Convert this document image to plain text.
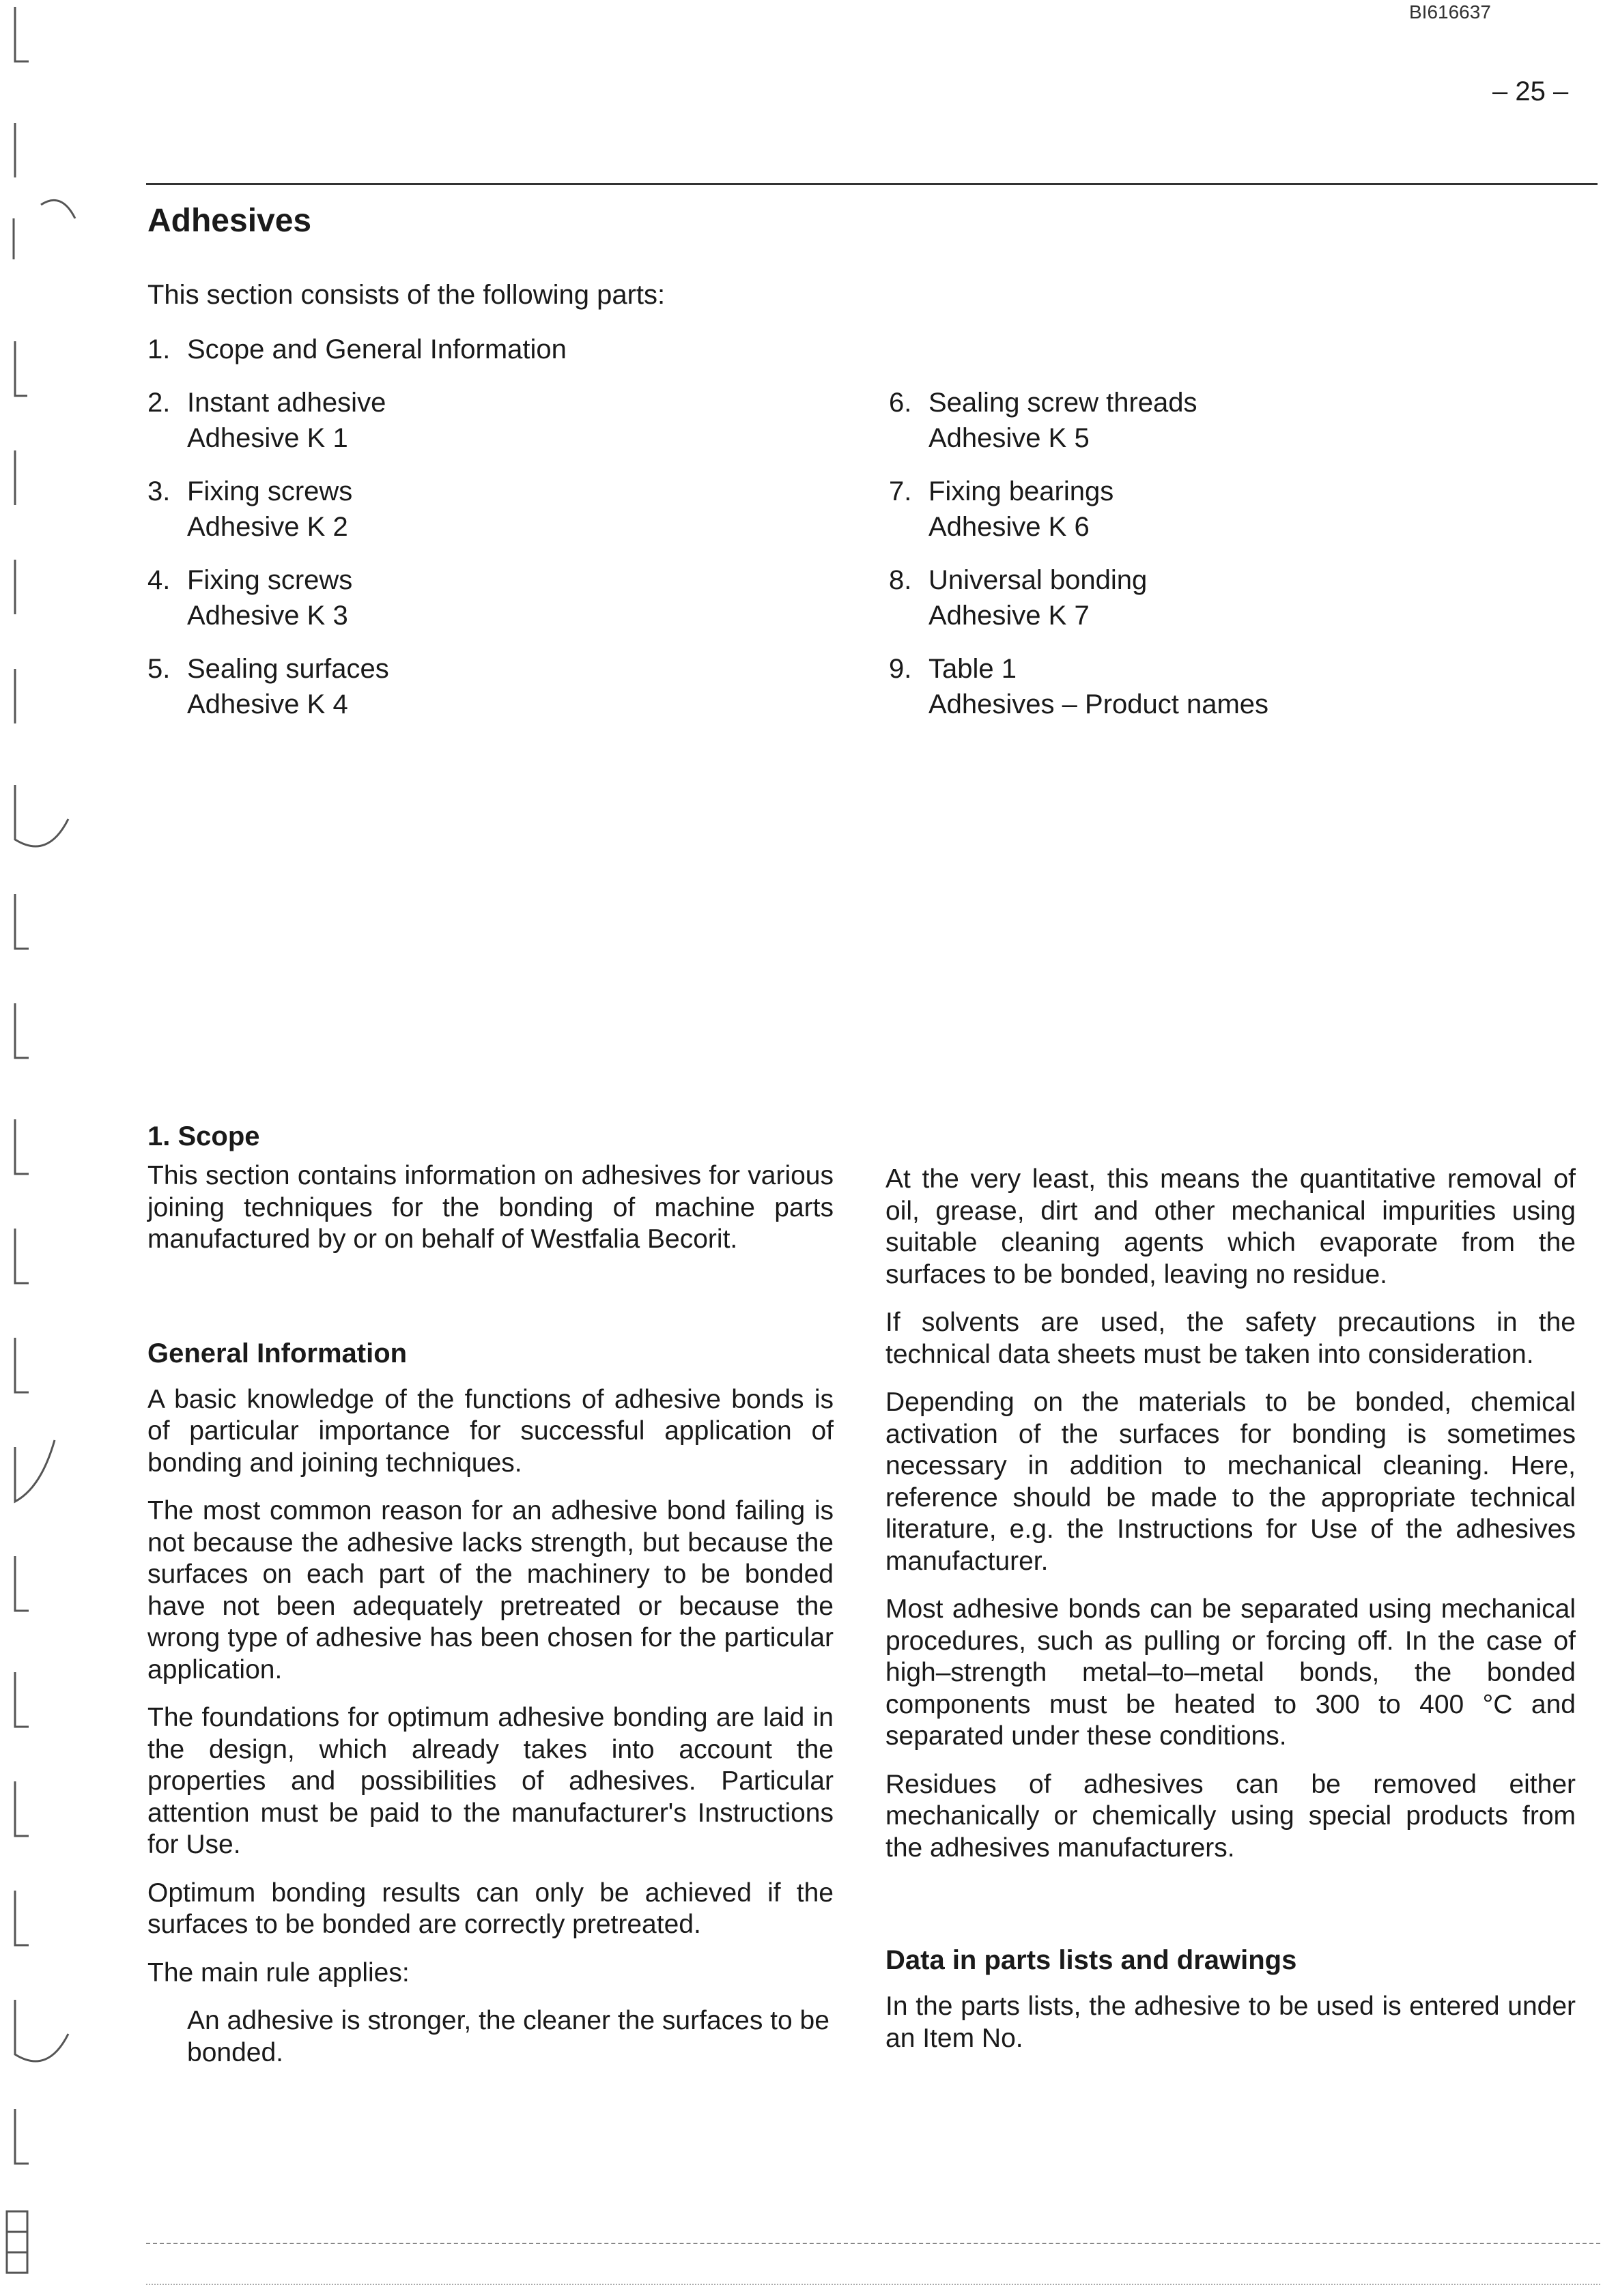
BI616637
– 25 –
Adhesives

This section consists of the following parts:

1. Scope and General Information
2. Instant adhesive
Adhesive K 1
3. Fixing screws
Adhesive K 2
4. Fixing screws
Adhesive K 3
5. Sealing surfaces
Adhesive K 4
6. Sealing screw threads
Adhesive K 5
7. Fixing bearings
Adhesive K 6
8. Universal bonding
Adhesive K 7
9. Table 1
Adhesives – Product names
1. Scope

This section contains information on adhesives for various joining techniques for the bonding of machine parts manufactured by or on behalf of Westfalia Becorit.

General Information

A basic knowledge of the functions of adhesive bonds is of particular importance for successful application of bonding and joining techniques.

The most common reason for an adhesive bond failing is not because the adhesive lacks strength, but because the surfaces on each part of the machinery to be bonded have not been adequately pretreated or because the wrong type of adhesive has been chosen for the particular application.

The foundations for optimum adhesive bonding are laid in the design, which already takes into account the properties and possibilities of adhesives. Particular attention must be paid to the manufacturer's Instructions for Use.

Optimum bonding results can only be achieved if the surfaces to be bonded are correctly pretreated.

The main rule applies:

An adhesive is stronger, the cleaner the surfaces to be bonded.

At the very least, this means the quantitative removal of oil, grease, dirt and other mechanical impurities using suitable cleaning agents which evaporate from the surfaces to be bonded, leaving no residue.

If solvents are used, the safety precautions in the technical data sheets must be taken into consideration.

Depending on the materials to be bonded, chemical activation of the surfaces for bonding is sometimes necessary in addition to mechanical cleaning. Here, reference should be made to the appropriate technical literature, e.g. the Instructions for Use of the adhesives manufacturer.

Most adhesive bonds can be separated using mechanical procedures, such as pulling or forcing off. In the case of high–strength metal–to–metal bonds, the bonded components must be heated to 300 to 400 °C and separated under these conditions.

Residues of adhesives can be removed either mechanically or chemically using special products from the adhesives manufacturers.

Data in parts lists and drawings

In the parts lists, the adhesive to be used is entered under an Item No.
